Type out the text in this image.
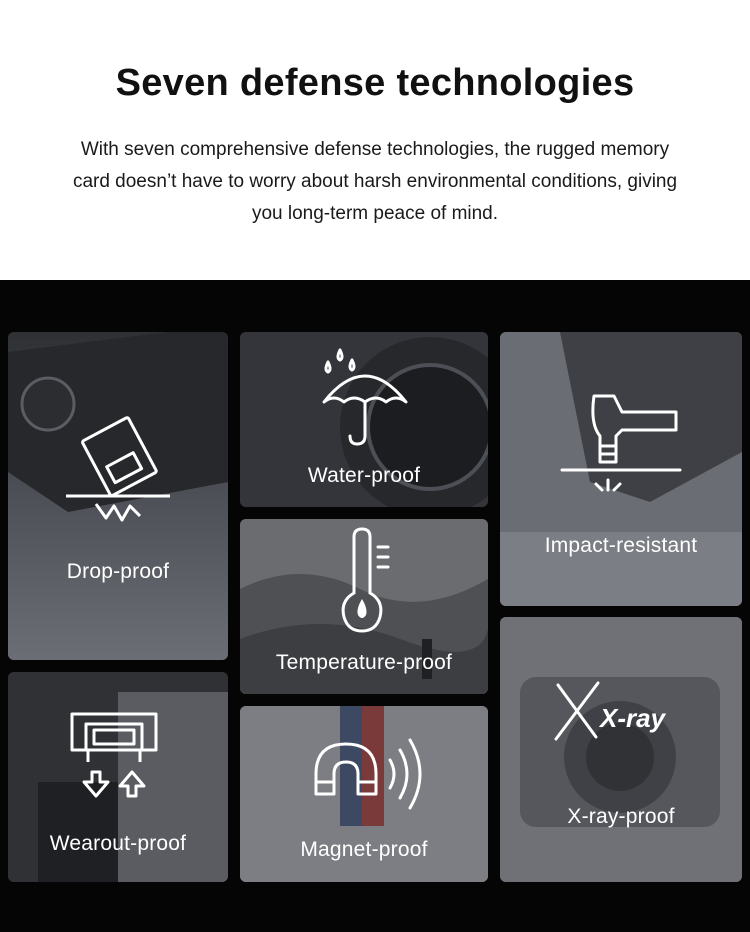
Seven defense technologies
With seven comprehensive defense technologies, the rugged memory card doesn’t have to worry about harsh environmental conditions, giving you long-term peace of mind.
Drop-proof
Water-proof
Impact-resistant
Temperature-proof
Wearout-proof	Magnet-proof
X-ray
X-ray-proof
